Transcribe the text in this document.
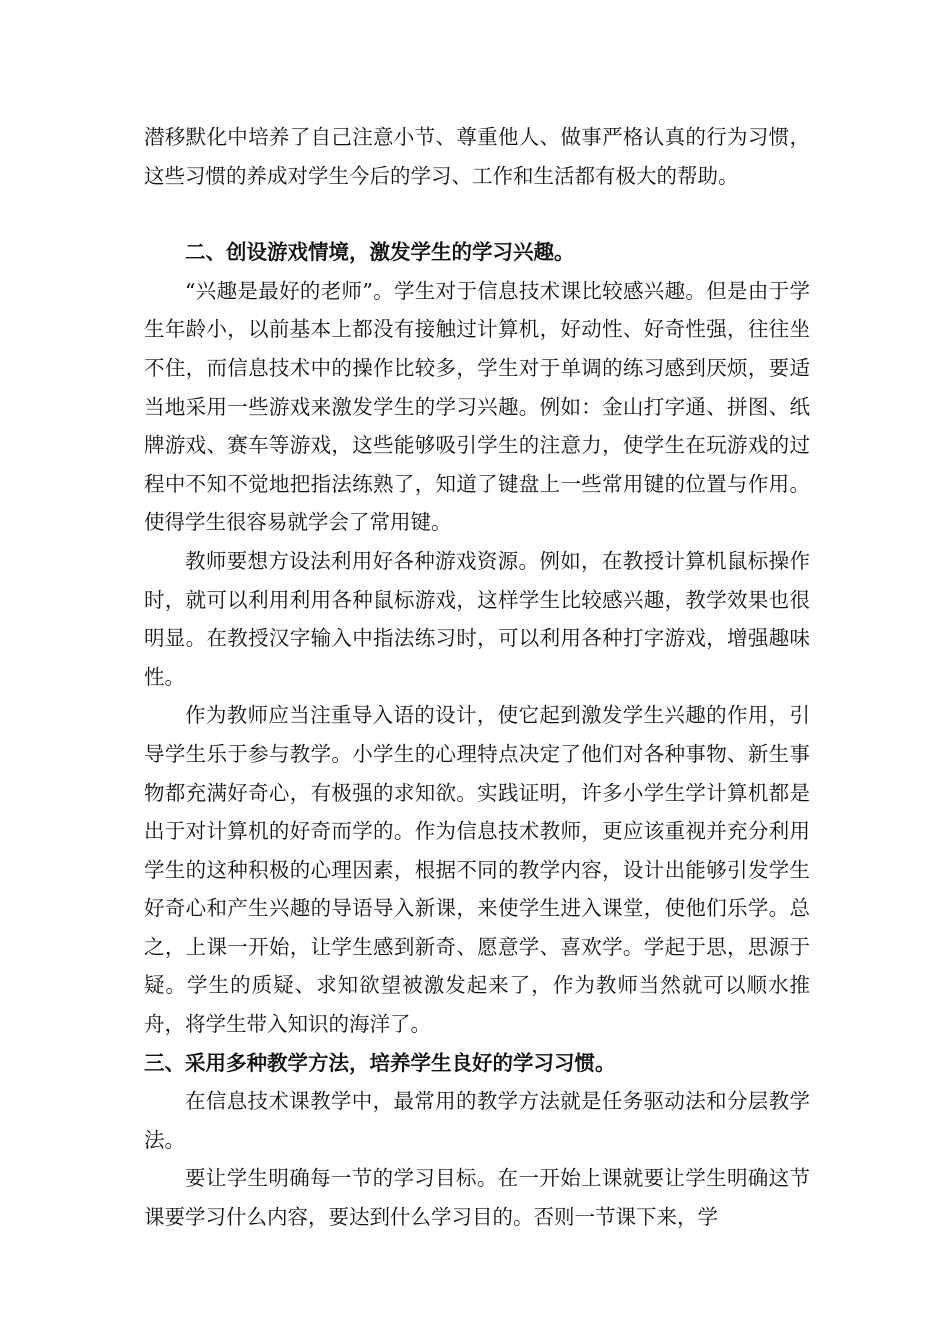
潜移默化中培养了自己注意小节、尊重他人、做事严格认真的行为习惯，这些习惯的养成对学生今后的学习、工作和生活都有极大的帮助。

二、创设游戏情境，激发学生的学习兴趣。

“兴趣是最好的老师”。学生对于信息技术课比较感兴趣。但是由于学生年龄小，以前基本上都没有接触过计算机，好动性、好奇性强，往往坐不住，而信息技术中的操作比较多，学生对于单调的练习感到厌烦，要适当地采用一些游戏来激发学生的学习兴趣。例如：金山打字通、拼图、纸牌游戏、赛车等游戏，这些能够吸引学生的注意力，使学生在玩游戏的过程中不知不觉地把指法练熟了，知道了键盘上一些常用键的位置与作用。使得学生很容易就学会了常用键。

教师要想方设法利用好各种游戏资源。例如，在教授计算机鼠标操作时，就可以利用利用各种鼠标游戏，这样学生比较感兴趣，教学效果也很明显。在教授汉字输入中指法练习时，可以利用各种打字游戏，增强趣味性。

作为教师应当注重导入语的设计，使它起到激发学生兴趣的作用，引导学生乐于参与教学。小学生的心理特点决定了他们对各种事物、新生事物都充满好奇心，有极强的求知欲。实践证明，许多小学生学计算机都是出于对计算机的好奇而学的。作为信息技术教师，更应该重视并充分利用学生的这种积极的心理因素，根据不同的教学内容，设计出能够引发学生好奇心和产生兴趣的导语导入新课，来使学生进入课堂，使他们乐学。总之，上课一开始，让学生感到新奇、愿意学、喜欢学。学起于思，思源于疑。学生的质疑、求知欲望被激发起来了，作为教师当然就可以顺水推舟，将学生带入知识的海洋了。

三、采用多种教学方法，培养学生良好的学习习惯。

在信息技术课教学中，最常用的教学方法就是任务驱动法和分层教学法。

要让学生明确每一节的学习目标。在一开始上课就要让学生明确这节课要学习什么内容，要达到什么学习目的。否则一节课下来，学
